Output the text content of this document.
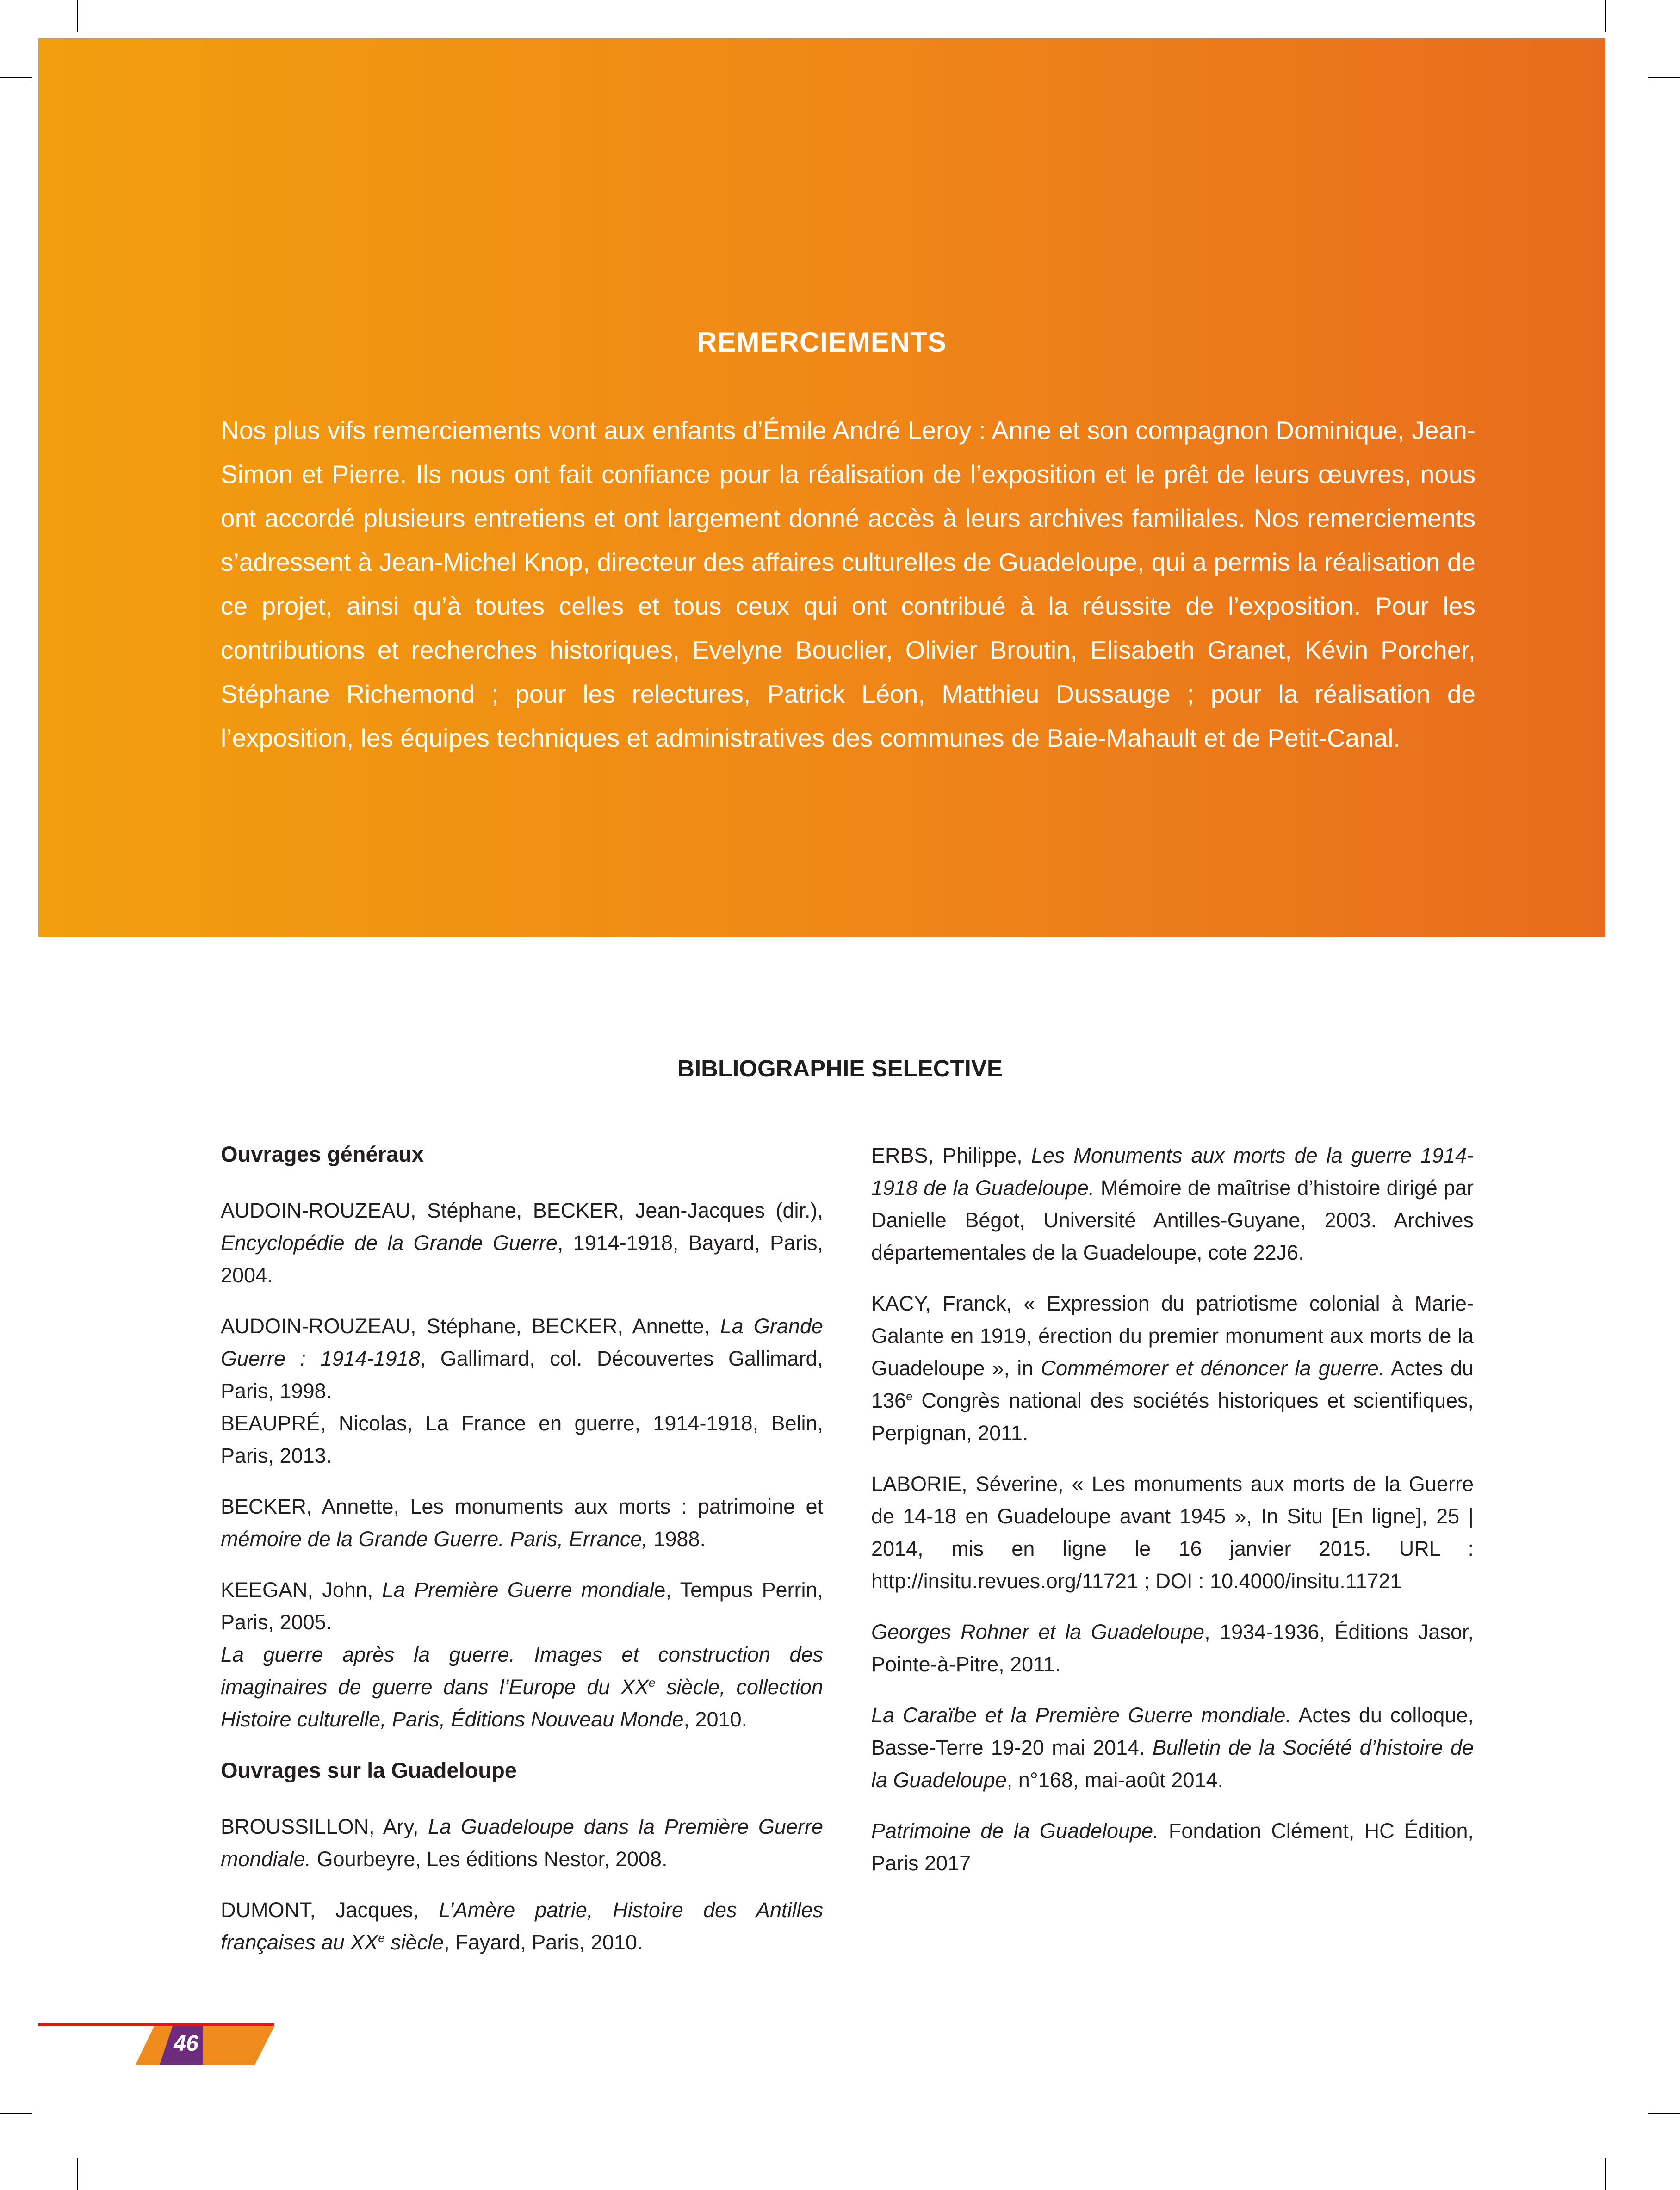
REMERCIEMENTS

Nos plus vifs remerciements vont aux enfants d’Émile André Leroy : Anne et son compagnon Dominique, Jean-Simon et Pierre. Ils nous ont fait confiance pour la réalisation de l’exposition et le prêt de leurs œuvres, nous ont accordé plusieurs entretiens et ont largement donné accès à leurs archives familiales. Nos remerciements s’adressent à Jean-Michel Knop, directeur des affaires culturelles de Guadeloupe, qui a permis la réalisation de ce projet, ainsi qu’à toutes celles et tous ceux qui ont contribué à la réussite de l’exposition. Pour les contributions et recherches historiques, Evelyne Bouclier, Olivier Broutin, Elisabeth Granet, Kévin Porcher, Stéphane Richemond ; pour les relectures, Patrick Léon, Matthieu Dussauge ; pour la réalisation de l’exposition, les équipes techniques et administratives des communes de Baie-Mahault et de Petit-Canal.

BIBLIOGRAPHIE SELECTIVE

Ouvrages généraux

AUDOIN-ROUZEAU, Stéphane, BECKER, Jean-Jacques (dir.), Encyclopédie de la Grande Guerre, 1914-1918, Bayard, Paris, 2004.

AUDOIN-ROUZEAU, Stéphane, BECKER, Annette, La Grande Guerre : 1914-1918, Gallimard, col. Découvertes Gallimard, Paris, 1998.

BEAUPRÉ, Nicolas, La France en guerre, 1914-1918, Belin, Paris, 2013.

BECKER, Annette, Les monuments aux morts : patrimoine et mémoire de la Grande Guerre. Paris, Errance, 1988.

KEEGAN, John, La Première Guerre mondiale, Tempus Perrin, Paris, 2005.

La guerre après la guerre. Images et construction des imaginaires de guerre dans l’Europe du XXe siècle, collection Histoire culturelle, Paris, Éditions Nouveau Monde, 2010.

Ouvrages sur la Guadeloupe

BROUSSILLON, Ary, La Guadeloupe dans la Première Guerre mondiale. Gourbeyre, Les éditions Nestor, 2008.

DUMONT, Jacques, L’Amère patrie, Histoire des Antilles françaises au XXe siècle, Fayard, Paris, 2010.

ERBS, Philippe, Les Monuments aux morts de la guerre 1914-1918 de la Guadeloupe. Mémoire de maîtrise d’histoire dirigé par Danielle Bégot, Université Antilles-Guyane, 2003. Archives départementales de la Guadeloupe, cote 22J6.

KACY, Franck, « Expression du patriotisme colonial à Marie-Galante en 1919, érection du premier monument aux morts de la Guadeloupe », in Commémorer et dénoncer la guerre. Actes du 136e Congrès national des sociétés historiques et scientifiques, Perpignan, 2011.

LABORIE, Séverine, « Les monuments aux morts de la Guerre de 14-18 en Guadeloupe avant 1945 », In Situ [En ligne], 25 | 2014, mis en ligne le 16 janvier 2015. URL : http://insitu.revues.org/11721 ; DOI : 10.4000/insitu.11721

Georges Rohner et la Guadeloupe, 1934-1936, Éditions Jasor, Pointe-à-Pitre, 2011.

La Caraïbe et la Première Guerre mondiale. Actes du colloque, Basse-Terre 19-20 mai 2014. Bulletin de la Société d’histoire de la Guadeloupe, n°168, mai-août 2014.

Patrimoine de la Guadeloupe. Fondation Clément, HC Édition, Paris 2017

46
